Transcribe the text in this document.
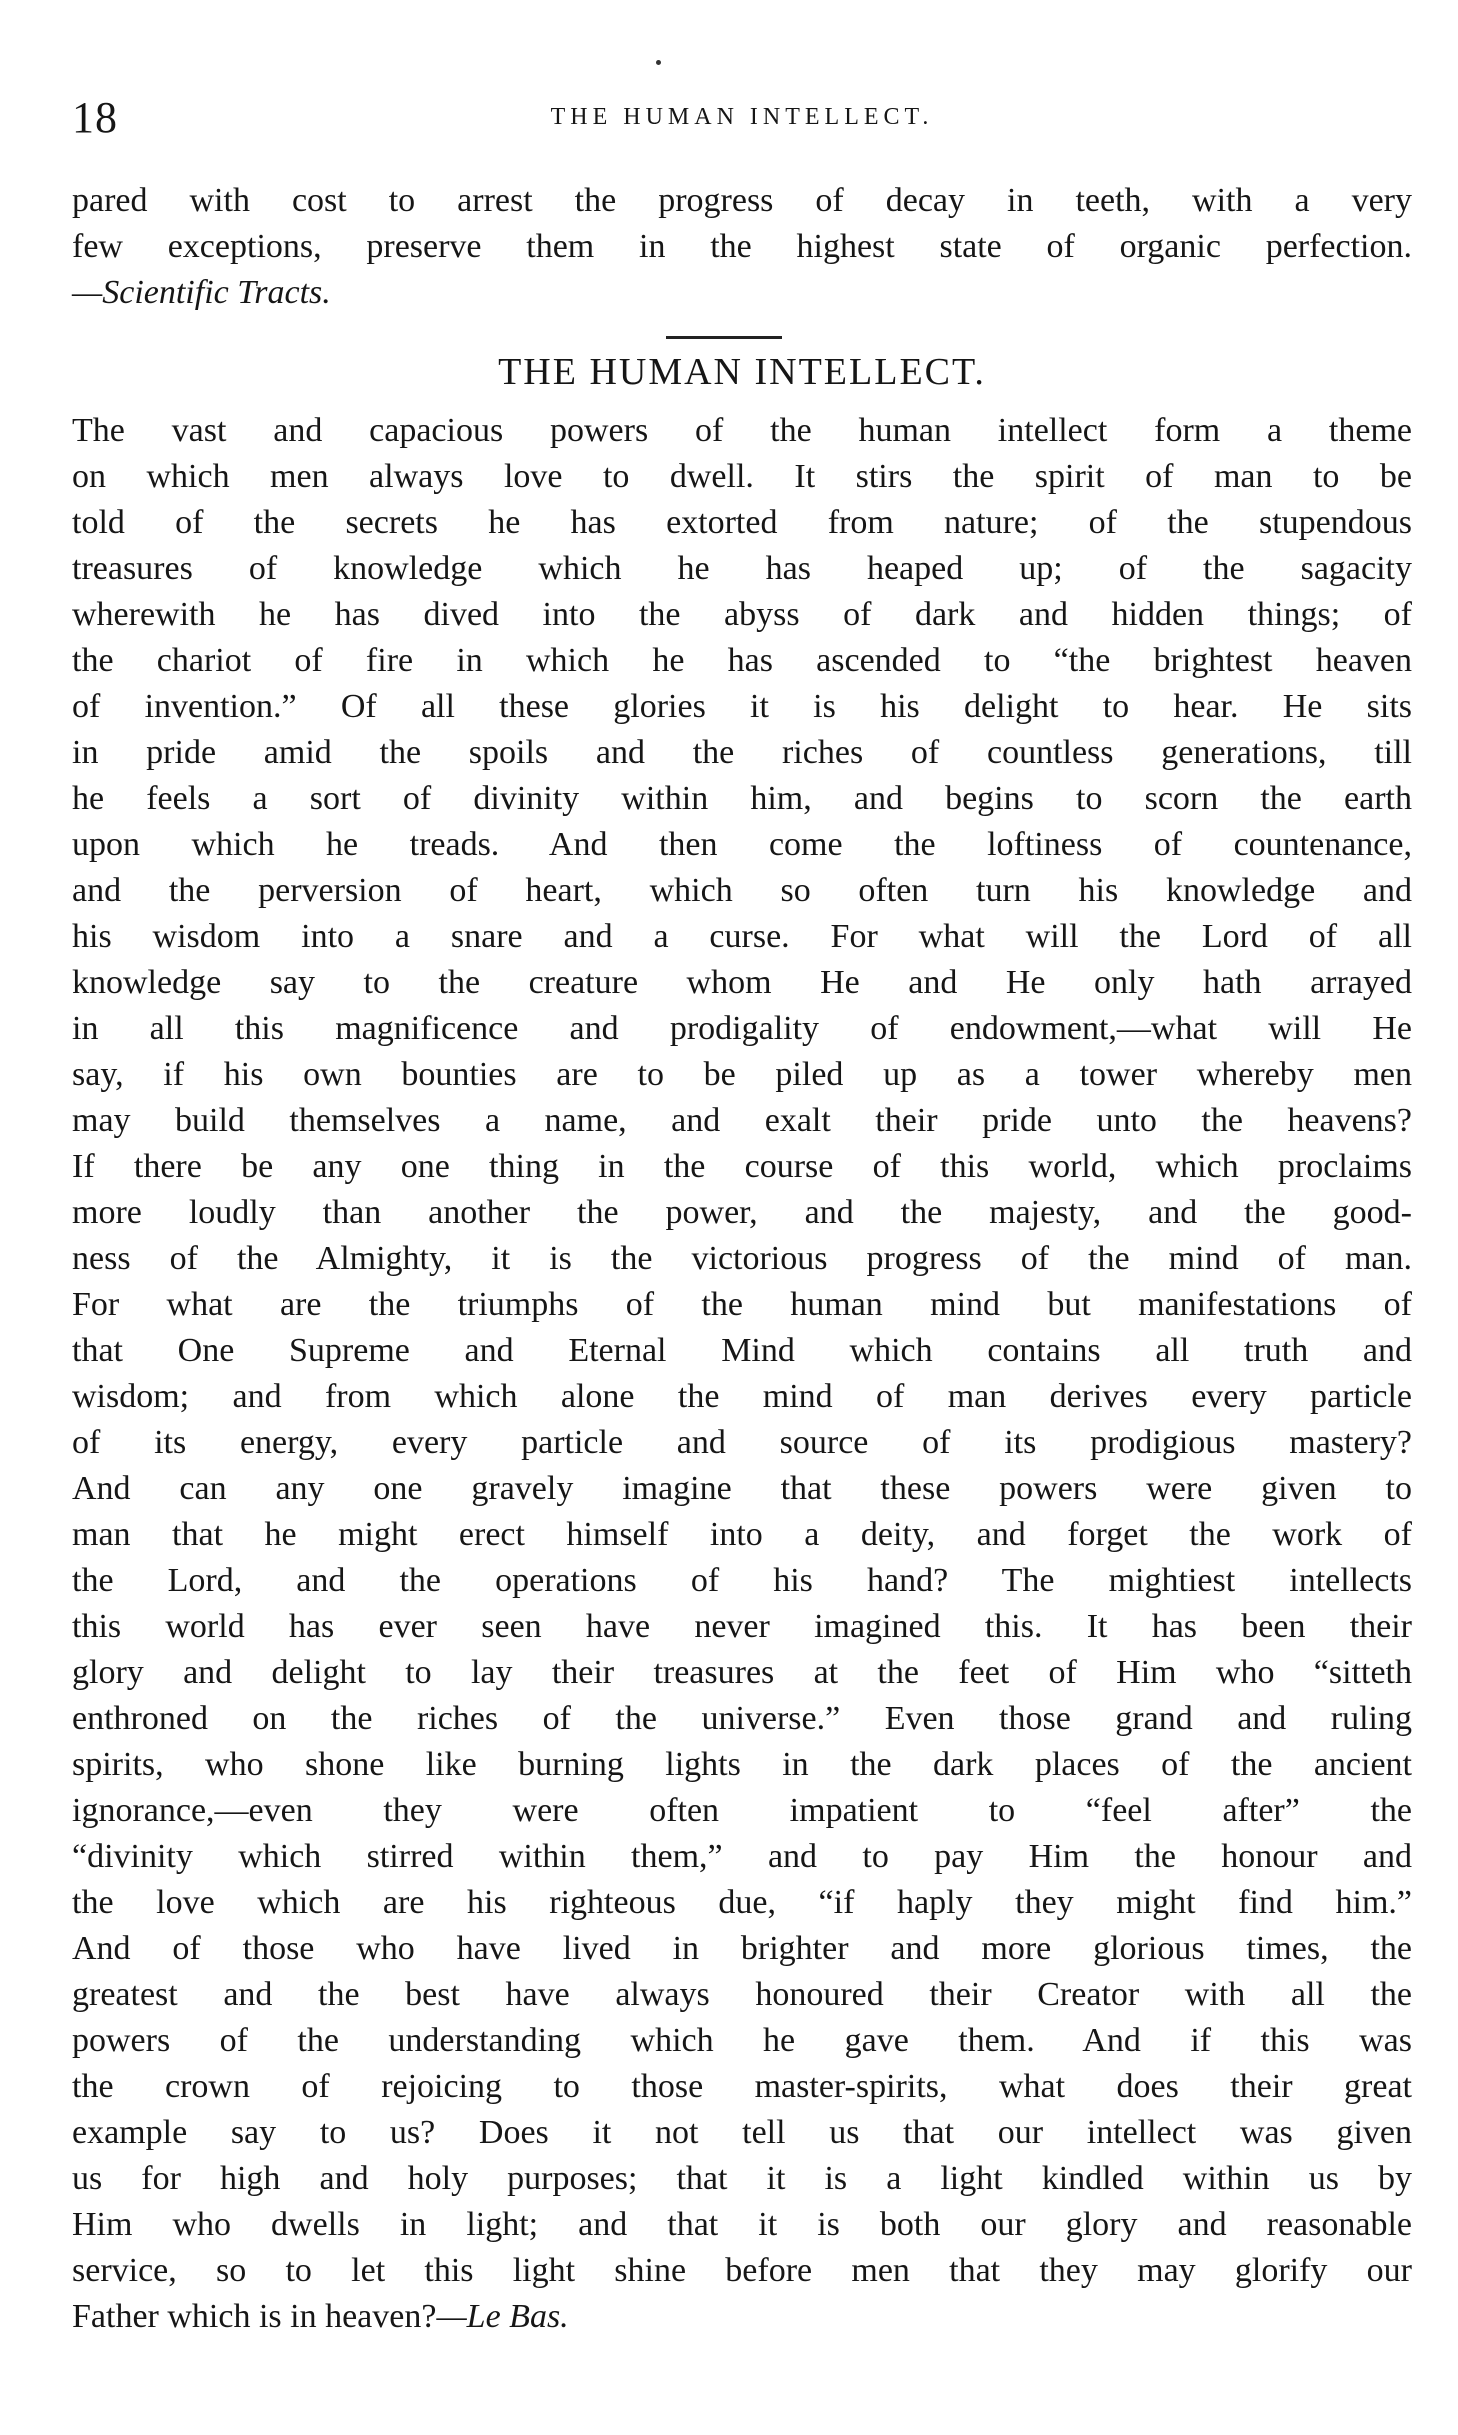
18	THE HUMAN INTELLECT.
pared with cost to arrest the progress of decay in teeth, with a very
few exceptions, preserve them in the highest state of organic perfection.
—Scientific Tracts.
THE HUMAN INTELLECT.
The vast and capacious powers of the human intellect form a theme
on which men always love to dwell. It stirs the spirit of man to be
told of the secrets he has extorted from nature; of the stupendous
treasures of knowledge which he has heaped up; of the sagacity
wherewith he has dived into the abyss of dark and hidden things; of
the chariot of fire in which he has ascended to “the brightest heaven
of invention.” Of all these glories it is his delight to hear. He sits
in pride amid the spoils and the riches of countless generations, till
he feels a sort of divinity within him, and begins to scorn the earth
upon which he treads. And then come the loftiness of countenance,
and the perversion of heart, which so often turn his knowledge and
his wisdom into a snare and a curse. For what will the Lord of all
knowledge say to the creature whom He and He only hath arrayed
in all this magnificence and prodigality of endowment,—what will He
say, if his own bounties are to be piled up as a tower whereby men
may build themselves a name, and exalt their pride unto the heavens?
If there be any one thing in the course of this world, which proclaims
more loudly than another the power, and the majesty, and the good-
ness of the Almighty, it is the victorious progress of the mind of man.
For what are the triumphs of the human mind but manifestations of
that One Supreme and Eternal Mind which contains all truth and
wisdom; and from which alone the mind of man derives every particle
of its energy, every particle and source of its prodigious mastery?
And can any one gravely imagine that these powers were given to
man that he might erect himself into a deity, and forget the work of
the Lord, and the operations of his hand? The mightiest intellects
this world has ever seen have never imagined this. It has been their
glory and delight to lay their treasures at the feet of Him who “sitteth
enthroned on the riches of the universe.” Even those grand and ruling
spirits, who shone like burning lights in the dark places of the ancient
ignorance,—even they were often impatient to “feel after” the
“divinity which stirred within them,” and to pay Him the honour and
the love which are his righteous due, “if haply they might find him.”
And of those who have lived in brighter and more glorious times, the
greatest and the best have always honoured their Creator with all the
powers of the understanding which he gave them. And if this was
the crown of rejoicing to those master-spirits, what does their great
example say to us? Does it not tell us that our intellect was given
us for high and holy purposes; that it is a light kindled within us by
Him who dwells in light; and that it is both our glory and reasonable
service, so to let this light shine before men that they may glorify our
Father which is in heaven?—Le Bas.
